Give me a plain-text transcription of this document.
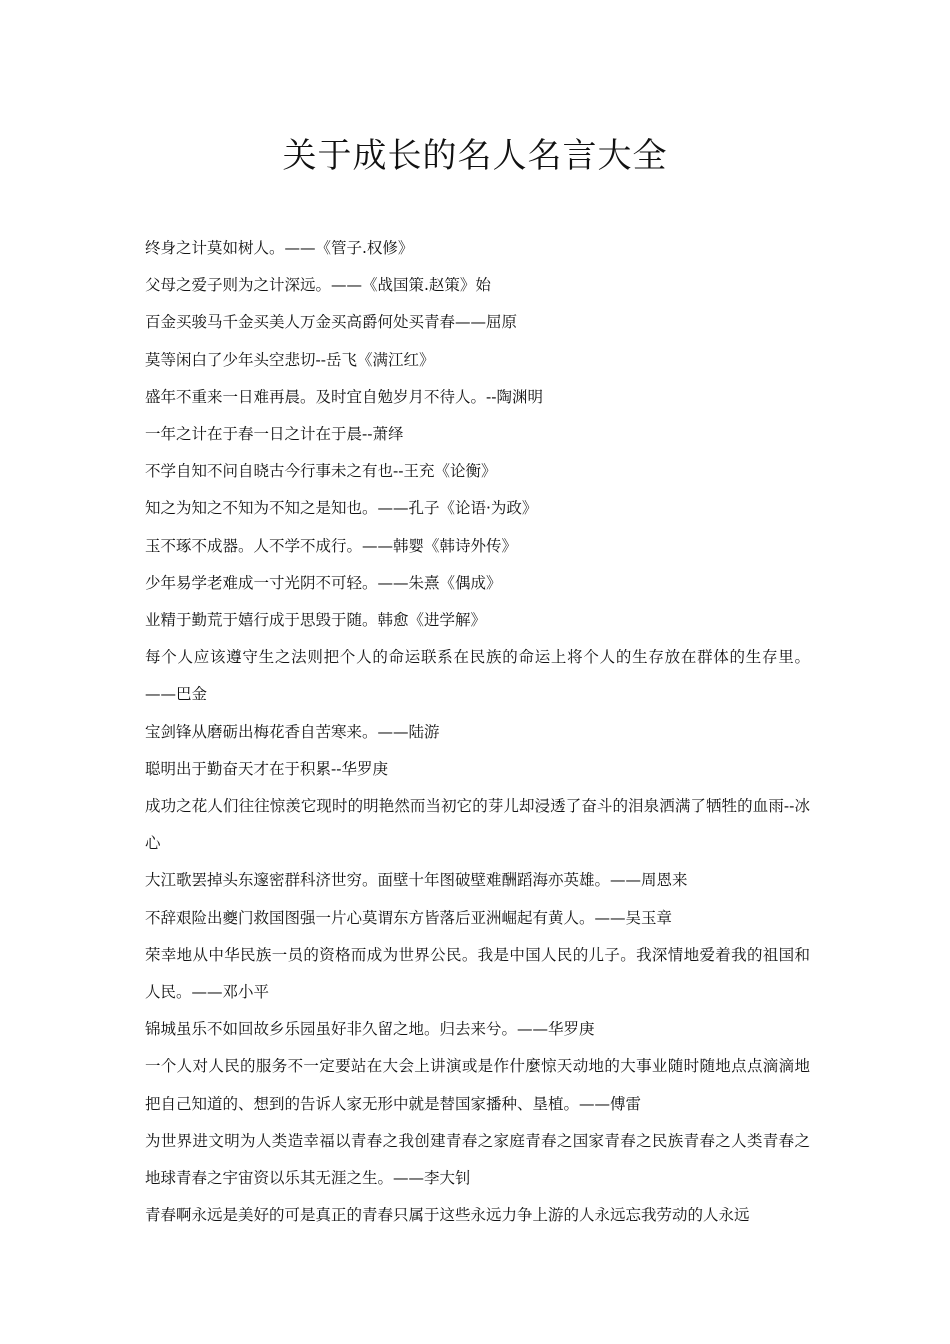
关于成长的名人名言大全

终身之计莫如树人。——《管子.权修》

父母之爱子则为之计深远。——《战国策.赵策》始

百金买骏马千金买美人万金买高爵何处买青春——屈原

莫等闲白了少年头空悲切--岳飞《满江红》

盛年不重来一日难再晨。及时宜自勉岁月不待人。--陶渊明

一年之计在于春一日之计在于晨--萧绎

不学自知不问自晓古今行事未之有也--王充《论衡》

知之为知之不知为不知之是知也。——孔子《论语·为政》

玉不琢不成器。人不学不成行。——韩婴《韩诗外传》

少年易学老难成一寸光阴不可轻。——朱熹《偶成》

业精于勤荒于嬉行成于思毁于随。韩愈《进学解》

每个人应该遵守生之法则把个人的命运联系在民族的命运上将个人的生存放在群体的生存里。——巴金

宝剑锋从磨砺出梅花香自苦寒来。——陆游

聪明出于勤奋天才在于积累--华罗庚

成功之花人们往往惊羡它现时的明艳然而当初它的芽儿却浸透了奋斗的泪泉洒满了牺牲的血雨--冰心

大江歌罢掉头东邃密群科济世穷。面壁十年图破壁难酬蹈海亦英雄。——周恩来

不辞艰险出夔门救国图强一片心莫谓东方皆落后亚洲崛起有黄人。——吴玉章

荣幸地从中华民族一员的资格而成为世界公民。我是中国人民的儿子。我深情地爱着我的祖国和人民。——邓小平

锦城虽乐不如回故乡乐园虽好非久留之地。归去来兮。——华罗庚

一个人对人民的服务不一定要站在大会上讲演或是作什麼惊天动地的大事业随时随地点点滴滴地把自己知道的、想到的告诉人家无形中就是替国家播种、垦植。——傅雷

为世界进文明为人类造幸福以青春之我创建青春之家庭青春之国家青春之民族青春之人类青春之地球青春之宇宙资以乐其无涯之生。——李大钊

青春啊永远是美好的可是真正的青春只属于这些永远力争上游的人永远忘我劳动的人永远
